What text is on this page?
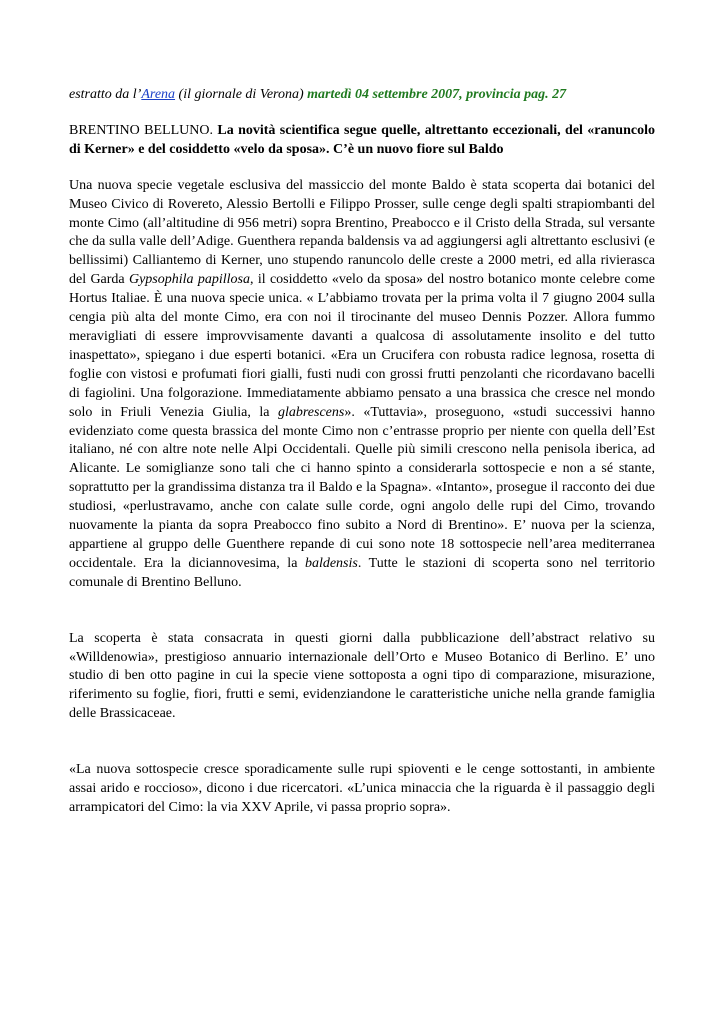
estratto da l’Arena (il giornale di Verona) martedì 04 settembre 2007, provincia pag. 27

BRENTINO BELLUNO. La novità scientifica segue quelle, altrettanto eccezionali, del «ranuncolo di Kerner» e del cosiddetto «velo da sposa». C’è un nuovo fiore sul Baldo

Una nuova specie vegetale esclusiva del massiccio del monte Baldo è stata scoperta dai botanici del Museo Civico di Rovereto, Alessio Bertolli e Filippo Prosser, sulle cenge degli spalti strapiombanti del monte Cimo (all’altitudine di 956 metri) sopra Brentino, Preabocco e il Cristo della Strada, sul versante che da sulla valle dell’Adige. Guenthera repanda baldensis va ad aggiungersi agli altrettanto esclusivi (e bellissimi) Calliantemo di Kerner, uno stupendo ranuncolo delle creste a 2000 metri, ed alla rivierasca del Garda Gypsophila papillosa, il cosiddetto «velo da sposa» del nostro botanico monte celebre come Hortus Italiae. È una nuova specie unica. « L’abbiamo trovata per la prima volta il 7 giugno 2004 sulla cengia più alta del monte Cimo, era con noi il tirocinante del museo Dennis Pozzer. Allora fummo meravigliati di essere improvvisamente davanti a qualcosa di assolutamente insolito e del tutto inaspettato», spiegano i due esperti botanici. «Era un Crucifera con robusta radice legnosa, rosetta di foglie con vistosi e profumati fiori gialli, fusti nudi con grossi frutti penzolanti che ricordavano bacelli di fagiolini. Una folgorazione. Immediatamente abbiamo pensato a una brassica che cresce nel mondo solo in Friuli Venezia Giulia, la glabrescens». «Tuttavia», proseguono, «studi successivi hanno evidenziato come questa brassica del monte Cimo non c’entrasse proprio per niente con quella dell’Est italiano, né con altre note nelle Alpi Occidentali. Quelle più simili crescono nella penisola iberica, ad Alicante. Le somiglianze sono tali che ci hanno spinto a considerarla sottospecie e non a sé stante, soprattutto per la grandissima distanza tra il Baldo e la Spagna». «Intanto», prosegue il racconto dei due studiosi, «perlustravamo, anche con calate sulle corde, ogni angolo delle rupi del Cimo, trovando nuovamente la pianta da sopra Preabocco fino subito a Nord di Brentino». E’ nuova per la scienza, appartiene al gruppo delle Guenthere repande di cui sono note 18 sottospecie nell’area mediterranea occidentale. Era la diciannovesima, la baldensis. Tutte le stazioni di scoperta sono nel territorio comunale di Brentino Belluno.

La scoperta è stata consacrata in questi giorni dalla pubblicazione dell’abstract relativo su «Willdenowia», prestigioso annuario internazionale dell’Orto e Museo Botanico di Berlino. E’ uno studio di ben otto pagine in cui la specie viene sottoposta a ogni tipo di comparazione, misurazione, riferimento su foglie, fiori, frutti e semi, evidenziandone le caratteristiche uniche nella grande famiglia delle Brassicaceae.

«La nuova sottospecie cresce sporadicamente sulle rupi spioventi e le cenge sottostanti, in ambiente assai arido e roccioso», dicono i due ricercatori. «L’unica minaccia che la riguarda è il passaggio degli arrampicatori del Cimo: la via XXV Aprile, vi passa proprio sopra».
